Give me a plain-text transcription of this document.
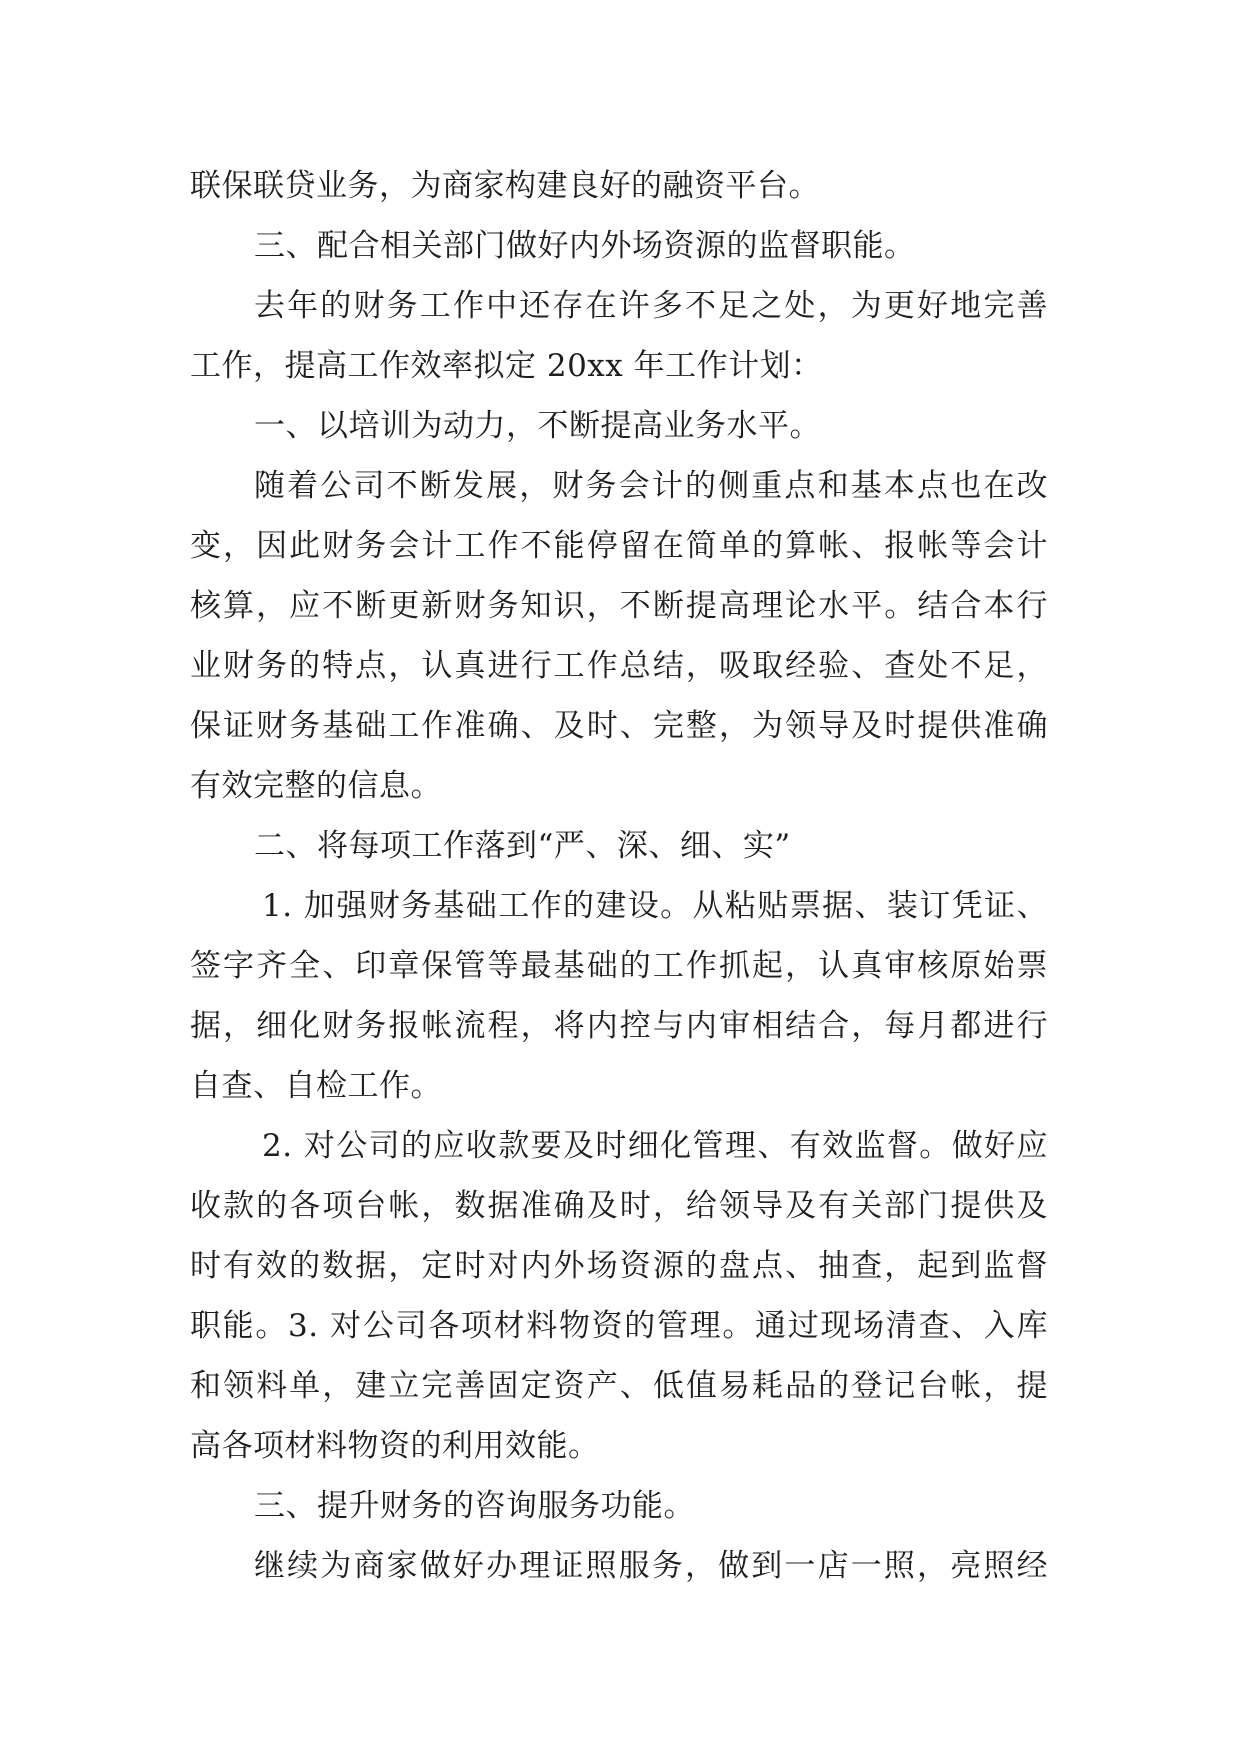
联保联贷业务，为商家构建良好的融资平台。
三、配合相关部门做好内外场资源的监督职能。
去年的财务工作中还存在许多不足之处，为更好地完善
工作，提高工作效率拟定 20xx 年工作计划：
一、以培训为动力，不断提高业务水平。
随着公司不断发展，财务会计的侧重点和基本点也在改
变，因此财务会计工作不能停留在简单的算帐、报帐等会计
核算，应不断更新财务知识，不断提高理论水平。结合本行
业财务的特点，认真进行工作总结，吸取经验、查处不足，
保证财务基础工作准确、及时、完整，为领导及时提供准确
有效完整的信息。
二、将每项工作落到“严、深、细、实”
1. 加强财务基础工作的建设。从粘贴票据、装订凭证、
签字齐全、印章保管等最基础的工作抓起，认真审核原始票
据，细化财务报帐流程，将内控与内审相结合，每月都进行
自查、自检工作。
2. 对公司的应收款要及时细化管理、有效监督。做好应
收款的各项台帐，数据准确及时，给领导及有关部门提供及
时有效的数据，定时对内外场资源的盘点、抽查，起到监督
职能。3. 对公司各项材料物资的管理。通过现场清查、入库
和领料单，建立完善固定资产、低值易耗品的登记台帐，提
高各项材料物资的利用效能。
三、提升财务的咨询服务功能。
继续为商家做好办理证照服务，做到一店一照，亮照经
